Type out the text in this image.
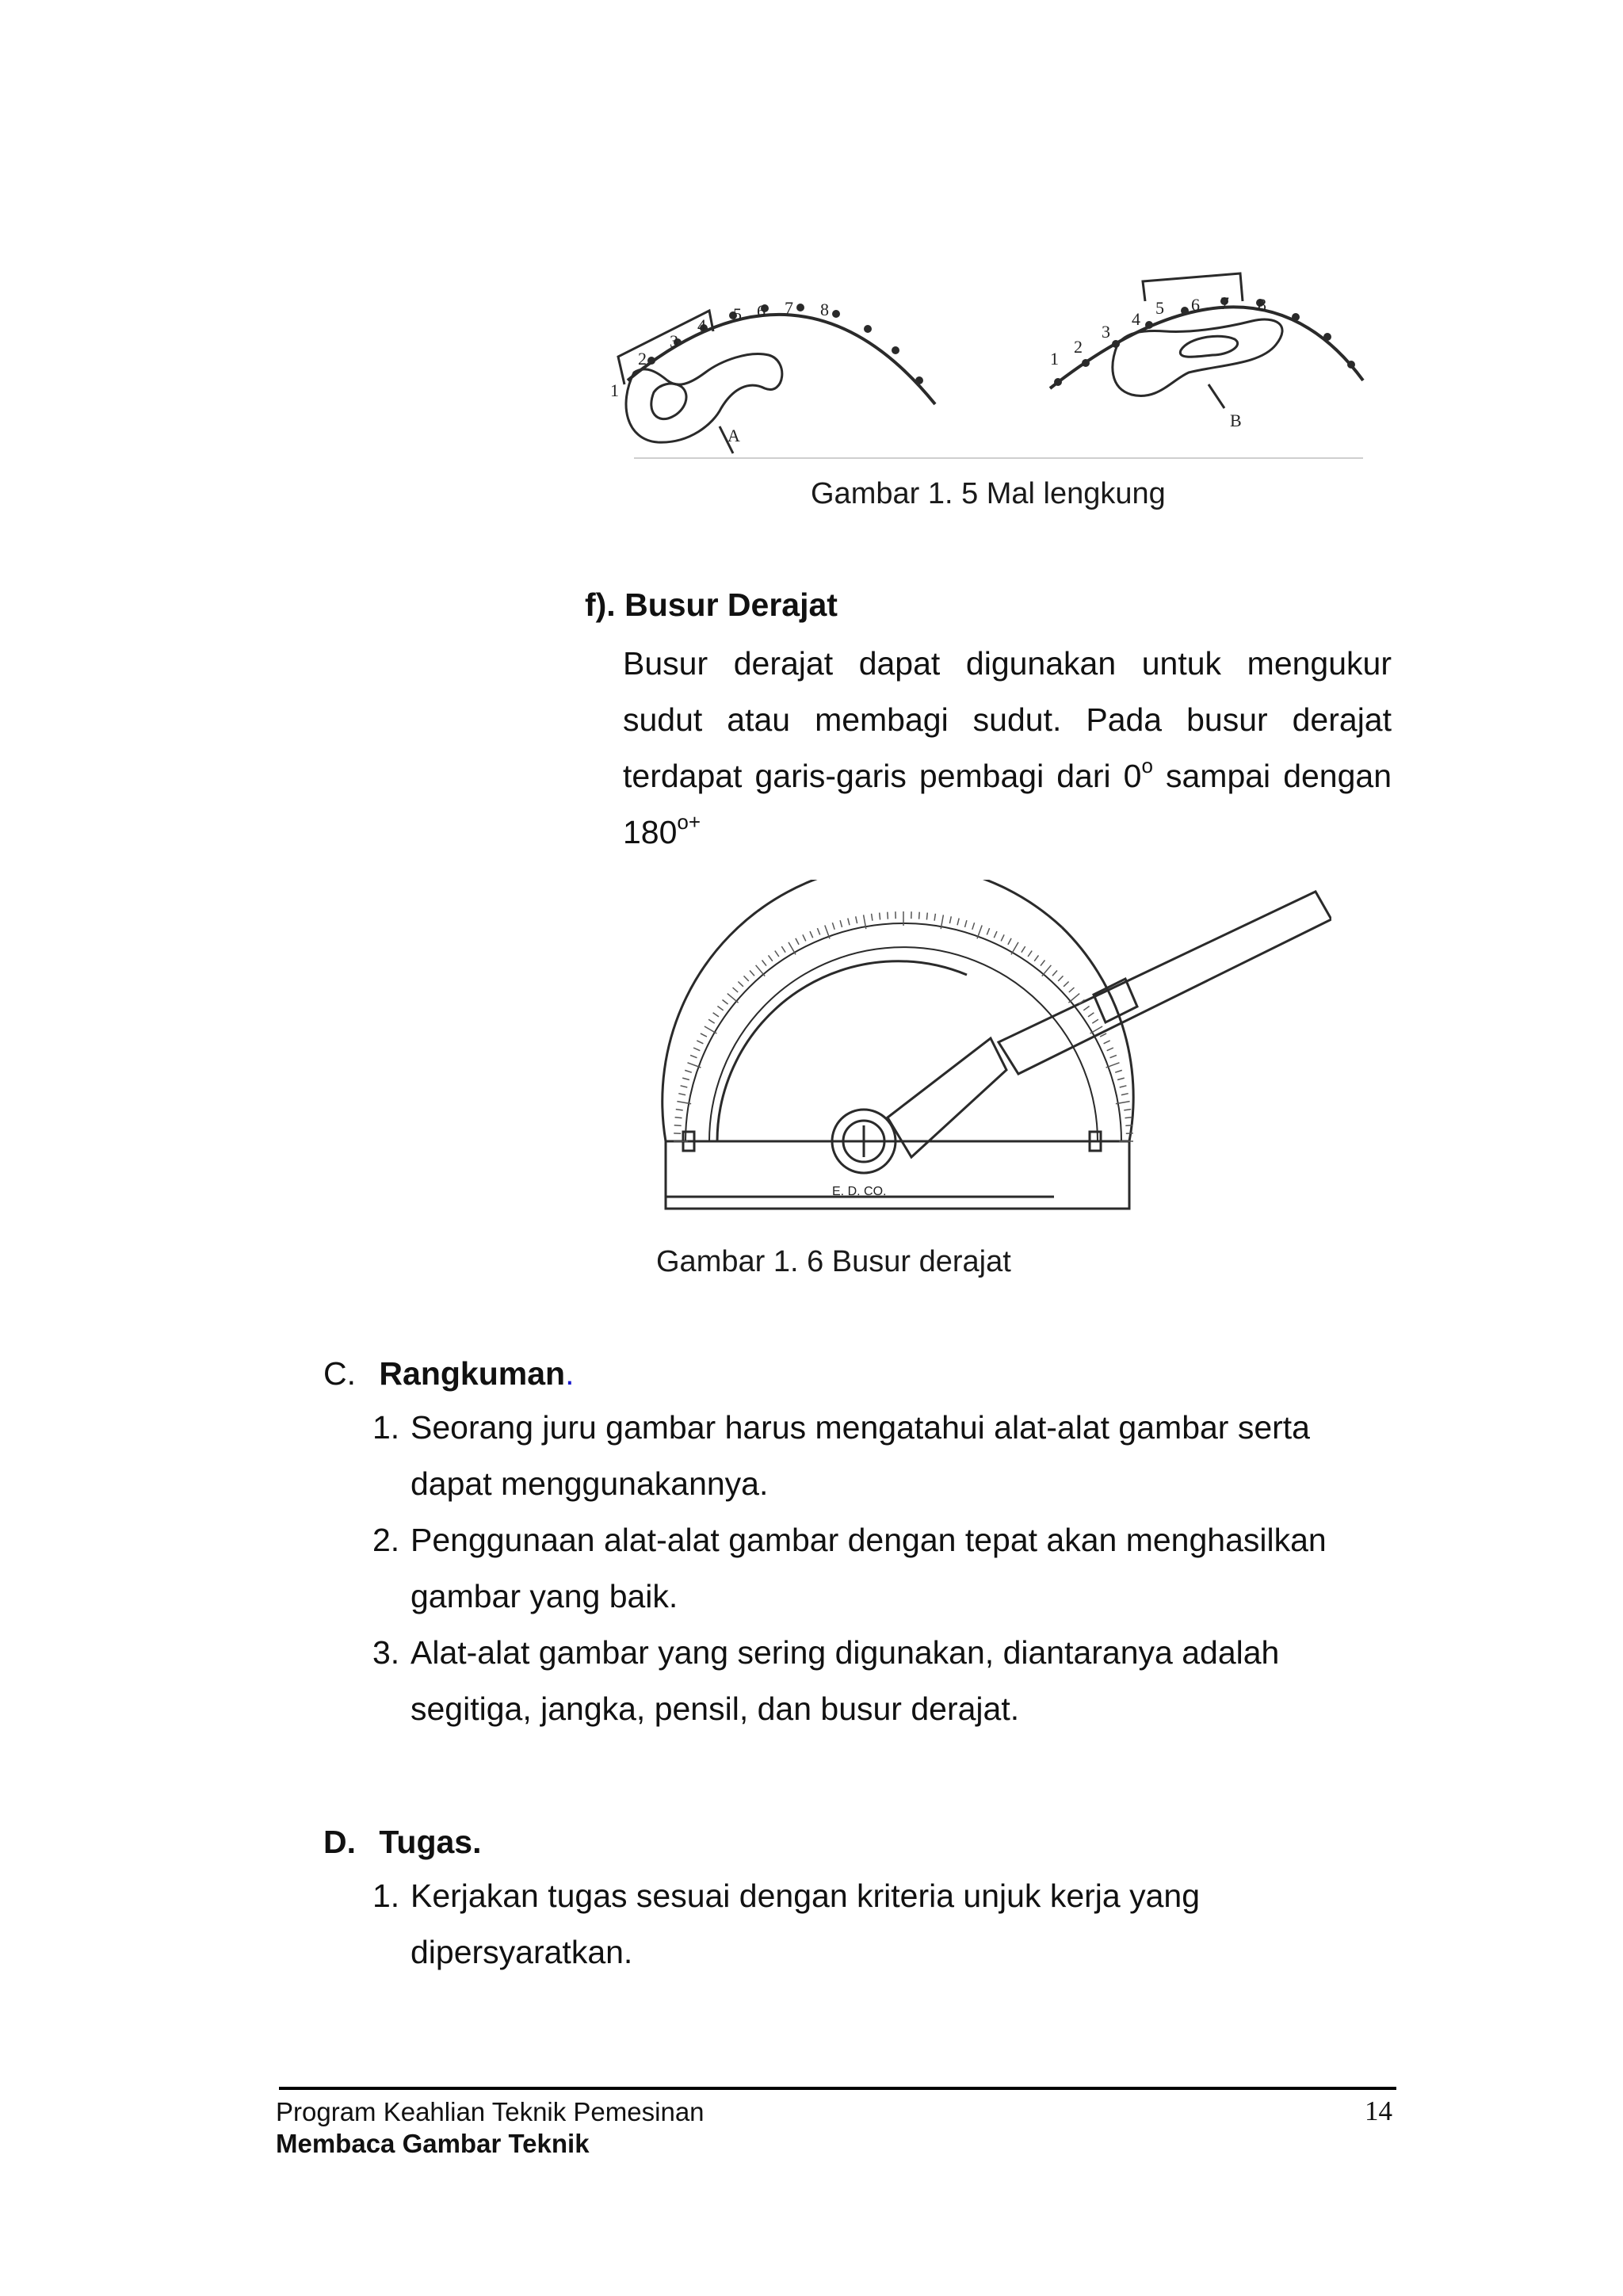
1
2
3
4
5 6 7 8
A
1
2
3
4
5 6 7 8
B
Gambar 1. 5 Mal lengkung
f). Busur Derajat
Busur derajat dapat digunakan untuk mengukur
sudut atau membagi sudut. Pada busur derajat
terdapat garis-garis pembagi dari 0$^o$ sampai dengan
$180^{o+}$
E. D. CO.
Gambar 1. 6 Busur derajat
C. Rangkuman.
1. Seorang juru gambar harus mengatahui alat-alat gambar serta
dapat menggunakannya.
2. Penggunaan alat-alat gambar dengan tepat akan menghasilkan
gambar yang baik.
3. Alat-alat gambar yang sering digunakan, diantaranya adalah
segitiga, jangka, pensil, dan busur derajat.
D. Tugas.
1. Kerjakan tugas sesuai dengan kriteria unjuk kerja yang
dipersyaratkan.
Program Keahlian Teknik Pemesinan
Membaca Gambar Teknik
14
